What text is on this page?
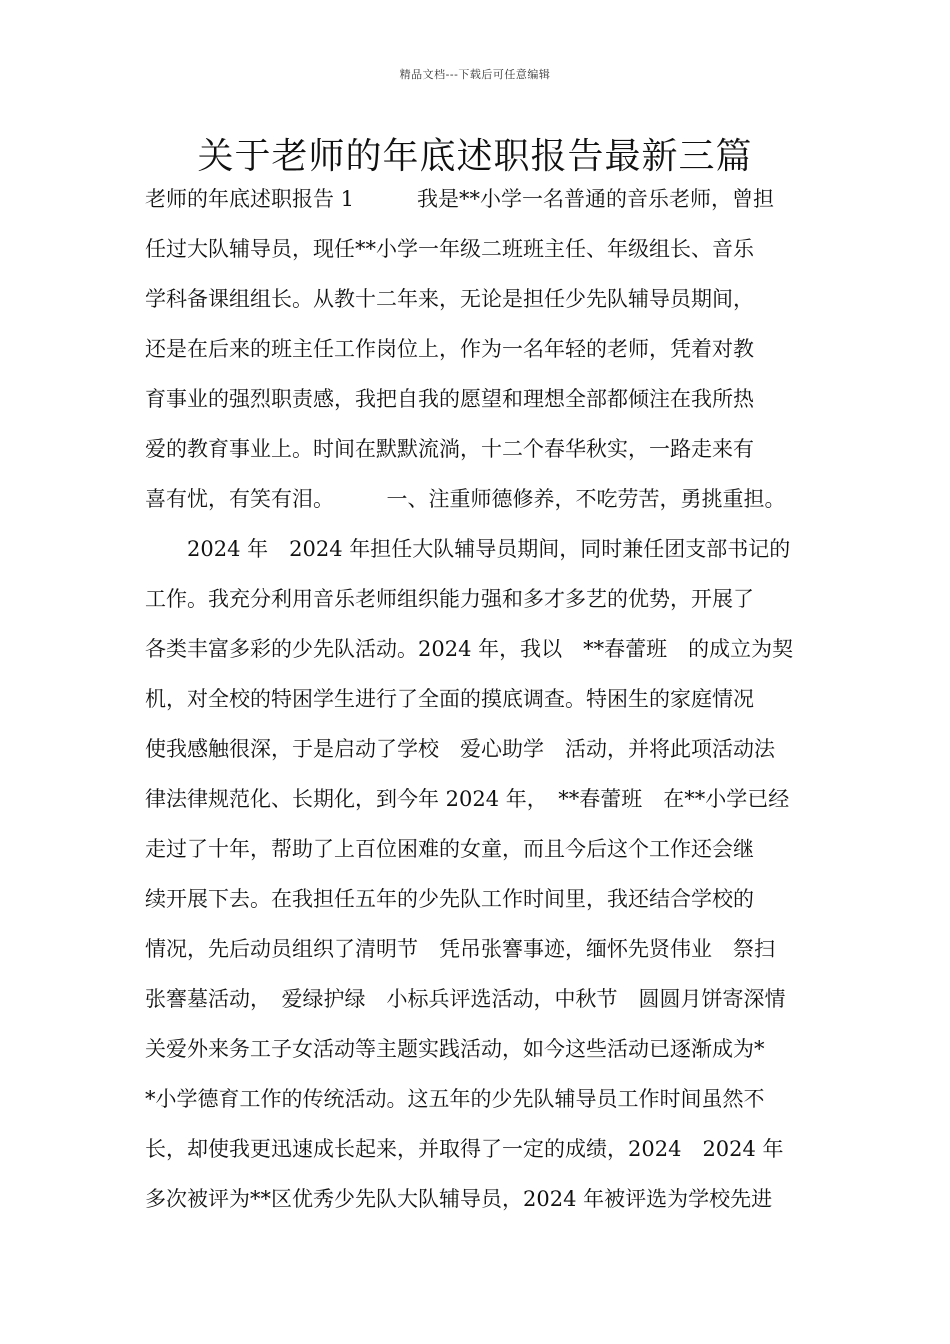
精品文档---下载后可任意编辑
关于老师的年底述职报告最新三篇
老师的年底述职报告 1　　　我是**小学一名普通的音乐老师，曾担
任过大队辅导员，现任**小学一年级二班班主任、年级组长、音乐
学科备课组组长。从教十二年来，无论是担任少先队辅导员期间，
还是在后来的班主任工作岗位上，作为一名年轻的老师，凭着对教
育事业的强烈职责感，我把自我的愿望和理想全部都倾注在我所热
爱的教育事业上。时间在默默流淌，十二个春华秋实，一路走来有
喜有忧，有笑有泪。　　　一、注重师德修养，不吃劳苦，勇挑重担。
　　2024 年　2024 年担任大队辅导员期间，同时兼任团支部书记的
工作。我充分利用音乐老师组织能力强和多才多艺的优势，开展了
各类丰富多彩的少先队活动。2024 年，我以　**春蕾班　的成立为契
机，对全校的特困学生进行了全面的摸底调查。特困生的家庭情况
使我感触很深，于是启动了学校　爱心助学　活动，并将此项活动法
律法律规范化、长期化，到今年 2024 年，　**春蕾班　在**小学已经
走过了十年，帮助了上百位困难的女童，而且今后这个工作还会继
续开展下去。在我担任五年的少先队工作时间里，我还结合学校的
情况，先后动员组织了清明节　凭吊张謇事迹，缅怀先贤伟业　祭扫
张謇墓活动，　爱绿护绿　小标兵评选活动，中秋节　圆圆月饼寄深情
关爱外来务工子女活动等主题实践活动，如今这些活动已逐渐成为*
*小学德育工作的传统活动。这五年的少先队辅导员工作时间虽然不
长，却使我更迅速成长起来，并取得了一定的成绩，2024　2024 年
多次被评为**区优秀少先队大队辅导员，2024 年被评选为学校先进
